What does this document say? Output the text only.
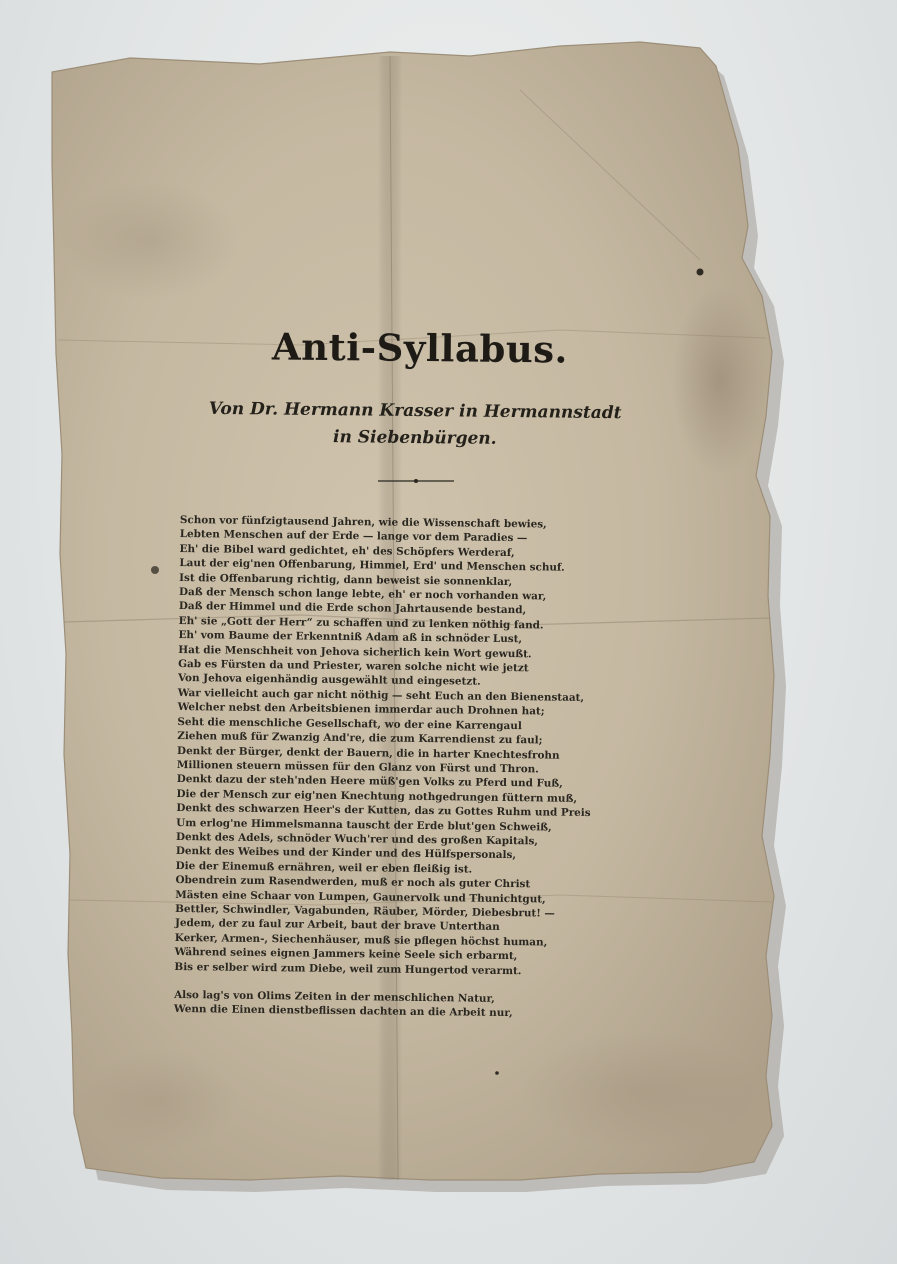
Anti-Syllabus.
Von Dr. Hermann Krasser in Hermannstadt
in Siebenbürgen.
Schon vor fünfzigtausend Jahren, wie die Wissenschaft bewies,
Lebten Menschen auf der Erde — lange vor dem Paradies —
Eh' die Bibel ward gedichtet, eh' des Schöpfers Werderaf,
Laut der eig'nen Offenbarung, Himmel, Erd' und Menschen schuf.
Ist die Offenbarung richtig, dann beweist sie sonnenklar,
Daß der Mensch schon lange lebte, eh' er noch vorhanden war,
Daß der Himmel und die Erde schon Jahrtausende bestand,
Eh' sie „Gott der Herr“ zu schaffen und zu lenken nöthig fand.
Eh' vom Baume der Erkenntniß Adam aß in schnöder Lust,
Hat die Menschheit von Jehova sicherlich kein Wort gewußt.
Gab es Fürsten da und Priester, waren solche nicht wie jetzt
Von Jehova eigenhändig ausgewählt und eingesetzt.
War vielleicht auch gar nicht nöthig — seht Euch an den Bienenstaat,
Welcher nebst den Arbeitsbienen immerdar auch Drohnen hat;
Seht die menschliche Gesellschaft, wo der eine Karrengaul
Ziehen muß für Zwanzig And're, die zum Karrendienst zu faul;
Denkt der Bürger, denkt der Bauern, die in harter Knechtesfrohn
Millionen steuern müssen für den Glanz von Fürst und Thron.
Denkt dazu der steh'nden Heere müß'gen Volks zu Pferd und Fuß,
Die der Mensch zur eig'nen Knechtung nothgedrungen füttern muß,
Denkt des schwarzen Heer's der Kutten, das zu Gottes Ruhm und Preis
Um erlog'ne Himmelsmanna tauscht der Erde blut'gen Schweiß,
Denkt des Adels, schnöder Wuch'rer und des großen Kapitals,
Denkt des Weibes und der Kinder und des Hülfspersonals,
Die der Einemuß ernähren, weil er eben fleißig ist.
Obendrein zum Rasendwerden, muß er noch als guter Christ
Mästen eine Schaar von Lumpen, Gaunervolk und Thunichtgut,
Bettler, Schwindler, Vagabunden, Räuber, Mörder, Diebesbrut! —
Jedem, der zu faul zur Arbeit, baut der brave Unterthan
Kerker, Armen-, Siechenhäuser, muß sie pflegen höchst human,
Während seines eignen Jammers keine Seele sich erbarmt,
Bis er selber wird zum Diebe, weil zum Hungertod verarmt.
Also lag's von Olims Zeiten in der menschlichen Natur,
Wenn die Einen dienstbeflissen dachten an die Arbeit nur,
